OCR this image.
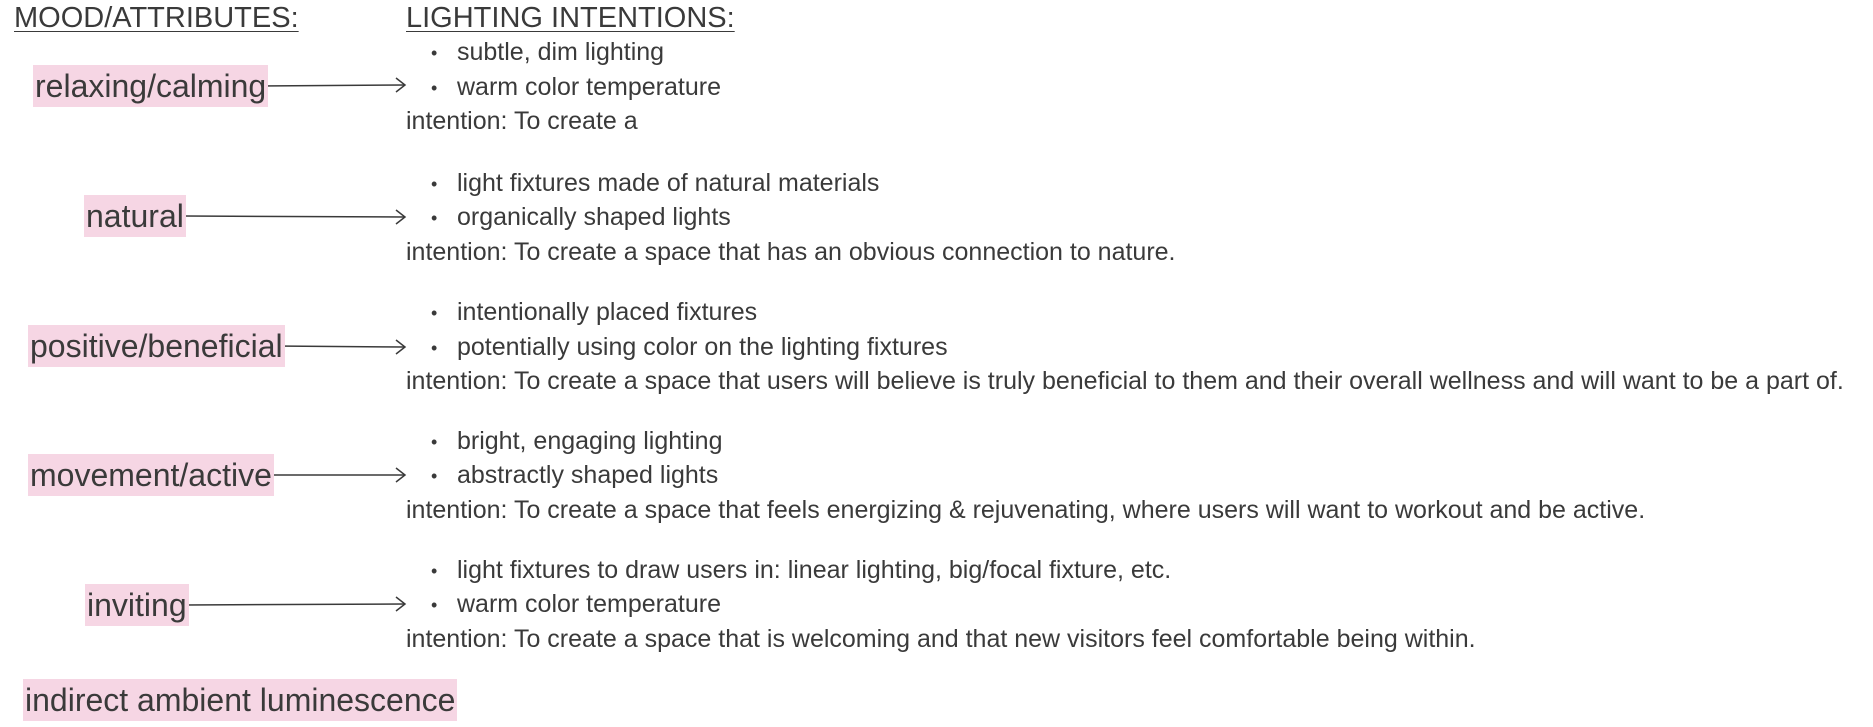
MOOD/ATTRIBUTES:	LIGHTING INTENTIONS:
relaxing/calming
• subtle, dim lighting
• warm color temperature
intention: To create a
natural
• light fixtures made of natural materials
• organically shaped lights
intention: To create a space that has an obvious connection to nature.
positive/beneficial
• intentionally placed fixtures
• potentially using color on the lighting fixtures
intention: To create a space that users will believe is truly beneficial to them and their overall wellness and will want to be a part of.
movement/active
• bright, engaging lighting
• abstractly shaped lights
intention: To create a space that feels energizing & rejuvenating, where users will want to workout and be active.
inviting
• light fixtures to draw users in: linear lighting, big/focal fixture, etc.
• warm color temperature
intention: To create a space that is welcoming and that new visitors feel comfortable being within.
indirect ambient luminescence
